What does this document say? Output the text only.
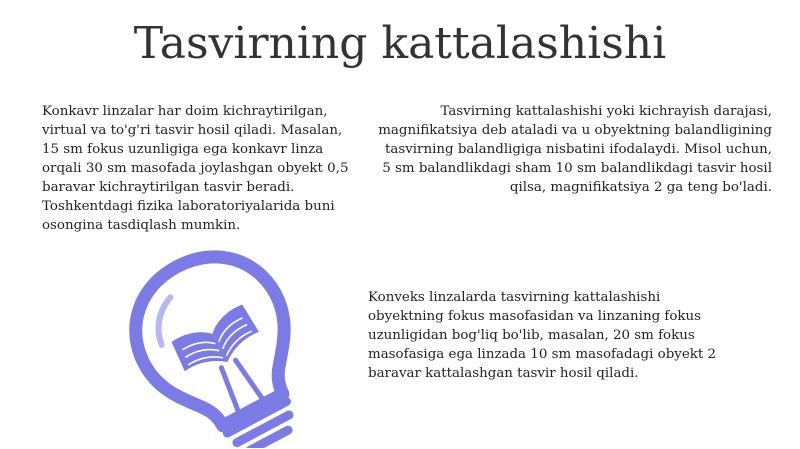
Tasvirning kattalashishi

Konkavr linzalar har doim kichraytirilgan, virtual va to'g'ri tasvir hosil qiladi. Masalan, 15 sm fokus uzunligiga ega konkavr linza orqali 30 sm masofada joylashgan obyekt 0,5 baravar kichraytirilgan tasvir beradi. Toshkentdagi fizika laboratoriyalarida buni osongina tasdiqlash mumkin.

Tasvirning kattalashishi yoki kichrayish darajasi, magnifikatsiya deb ataladi va u obyektning balandligining tasvirning balandligiga nisbatini ifodalaydi. Misol uchun, 5 sm balandlikdagi sham 10 sm balandlikdagi tasvir hosil qilsa, magnifikatsiya 2 ga teng bo'ladi.

Konveks linzalarda tasvirning kattalashishi obyektning fokus masofasidan va linzaning fokus uzunligidan bog'liq bo'lib, masalan, 20 sm fokus masofasiga ega linzada 10 sm masofadagi obyekt 2 baravar kattalashgan tasvir hosil qiladi.
